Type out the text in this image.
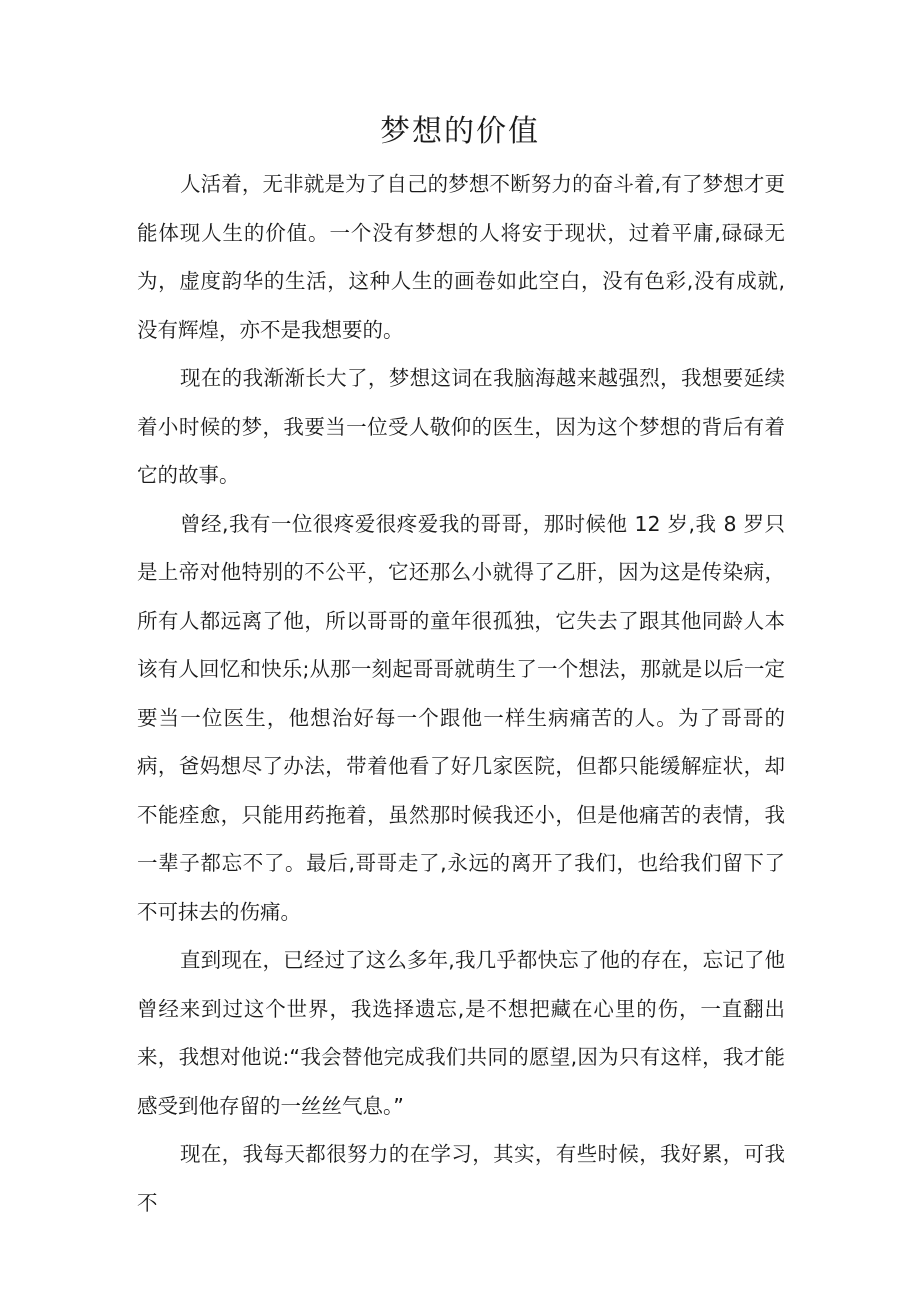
梦想的价值

人活着，无非就是为了自己的梦想不断努力的奋斗着,有了梦想才更能体现人生的价值。一个没有梦想的人将安于现状，过着平庸,碌碌无为，虚度韵华的生活，这种人生的画卷如此空白，没有色彩,没有成就,没有辉煌，亦不是我想要的。

现在的我渐渐长大了，梦想这词在我脑海越来越强烈，我想要延续着小时候的梦，我要当一位受人敬仰的医生，因为这个梦想的背后有着它的故事。

曾经,我有一位很疼爱很疼爱我的哥哥，那时候他 12 岁,我 8 罗只是上帝对他特别的不公平，它还那么小就得了乙肝，因为这是传染病，所有人都远离了他，所以哥哥的童年很孤独，它失去了跟其他同龄人本该有人回忆和快乐;从那一刻起哥哥就萌生了一个想法，那就是以后一定要当一位医生，他想治好每一个跟他一样生病痛苦的人。为了哥哥的病，爸妈想尽了办法，带着他看了好几家医院，但都只能缓解症状，却不能痊愈，只能用药拖着，虽然那时候我还小，但是他痛苦的表情，我一辈子都忘不了。最后,哥哥走了,永远的离开了我们，也给我们留下了不可抹去的伤痛。

直到现在，已经过了这么多年,我几乎都快忘了他的存在，忘记了他曾经来到过这个世界，我选择遗忘,是不想把藏在心里的伤，一直翻出来，我想对他说:“我会替他完成我们共同的愿望,因为只有这样，我才能感受到他存留的一丝丝气息。”

现在，我每天都很努力的在学习，其实，有些时候，我好累，可我不
